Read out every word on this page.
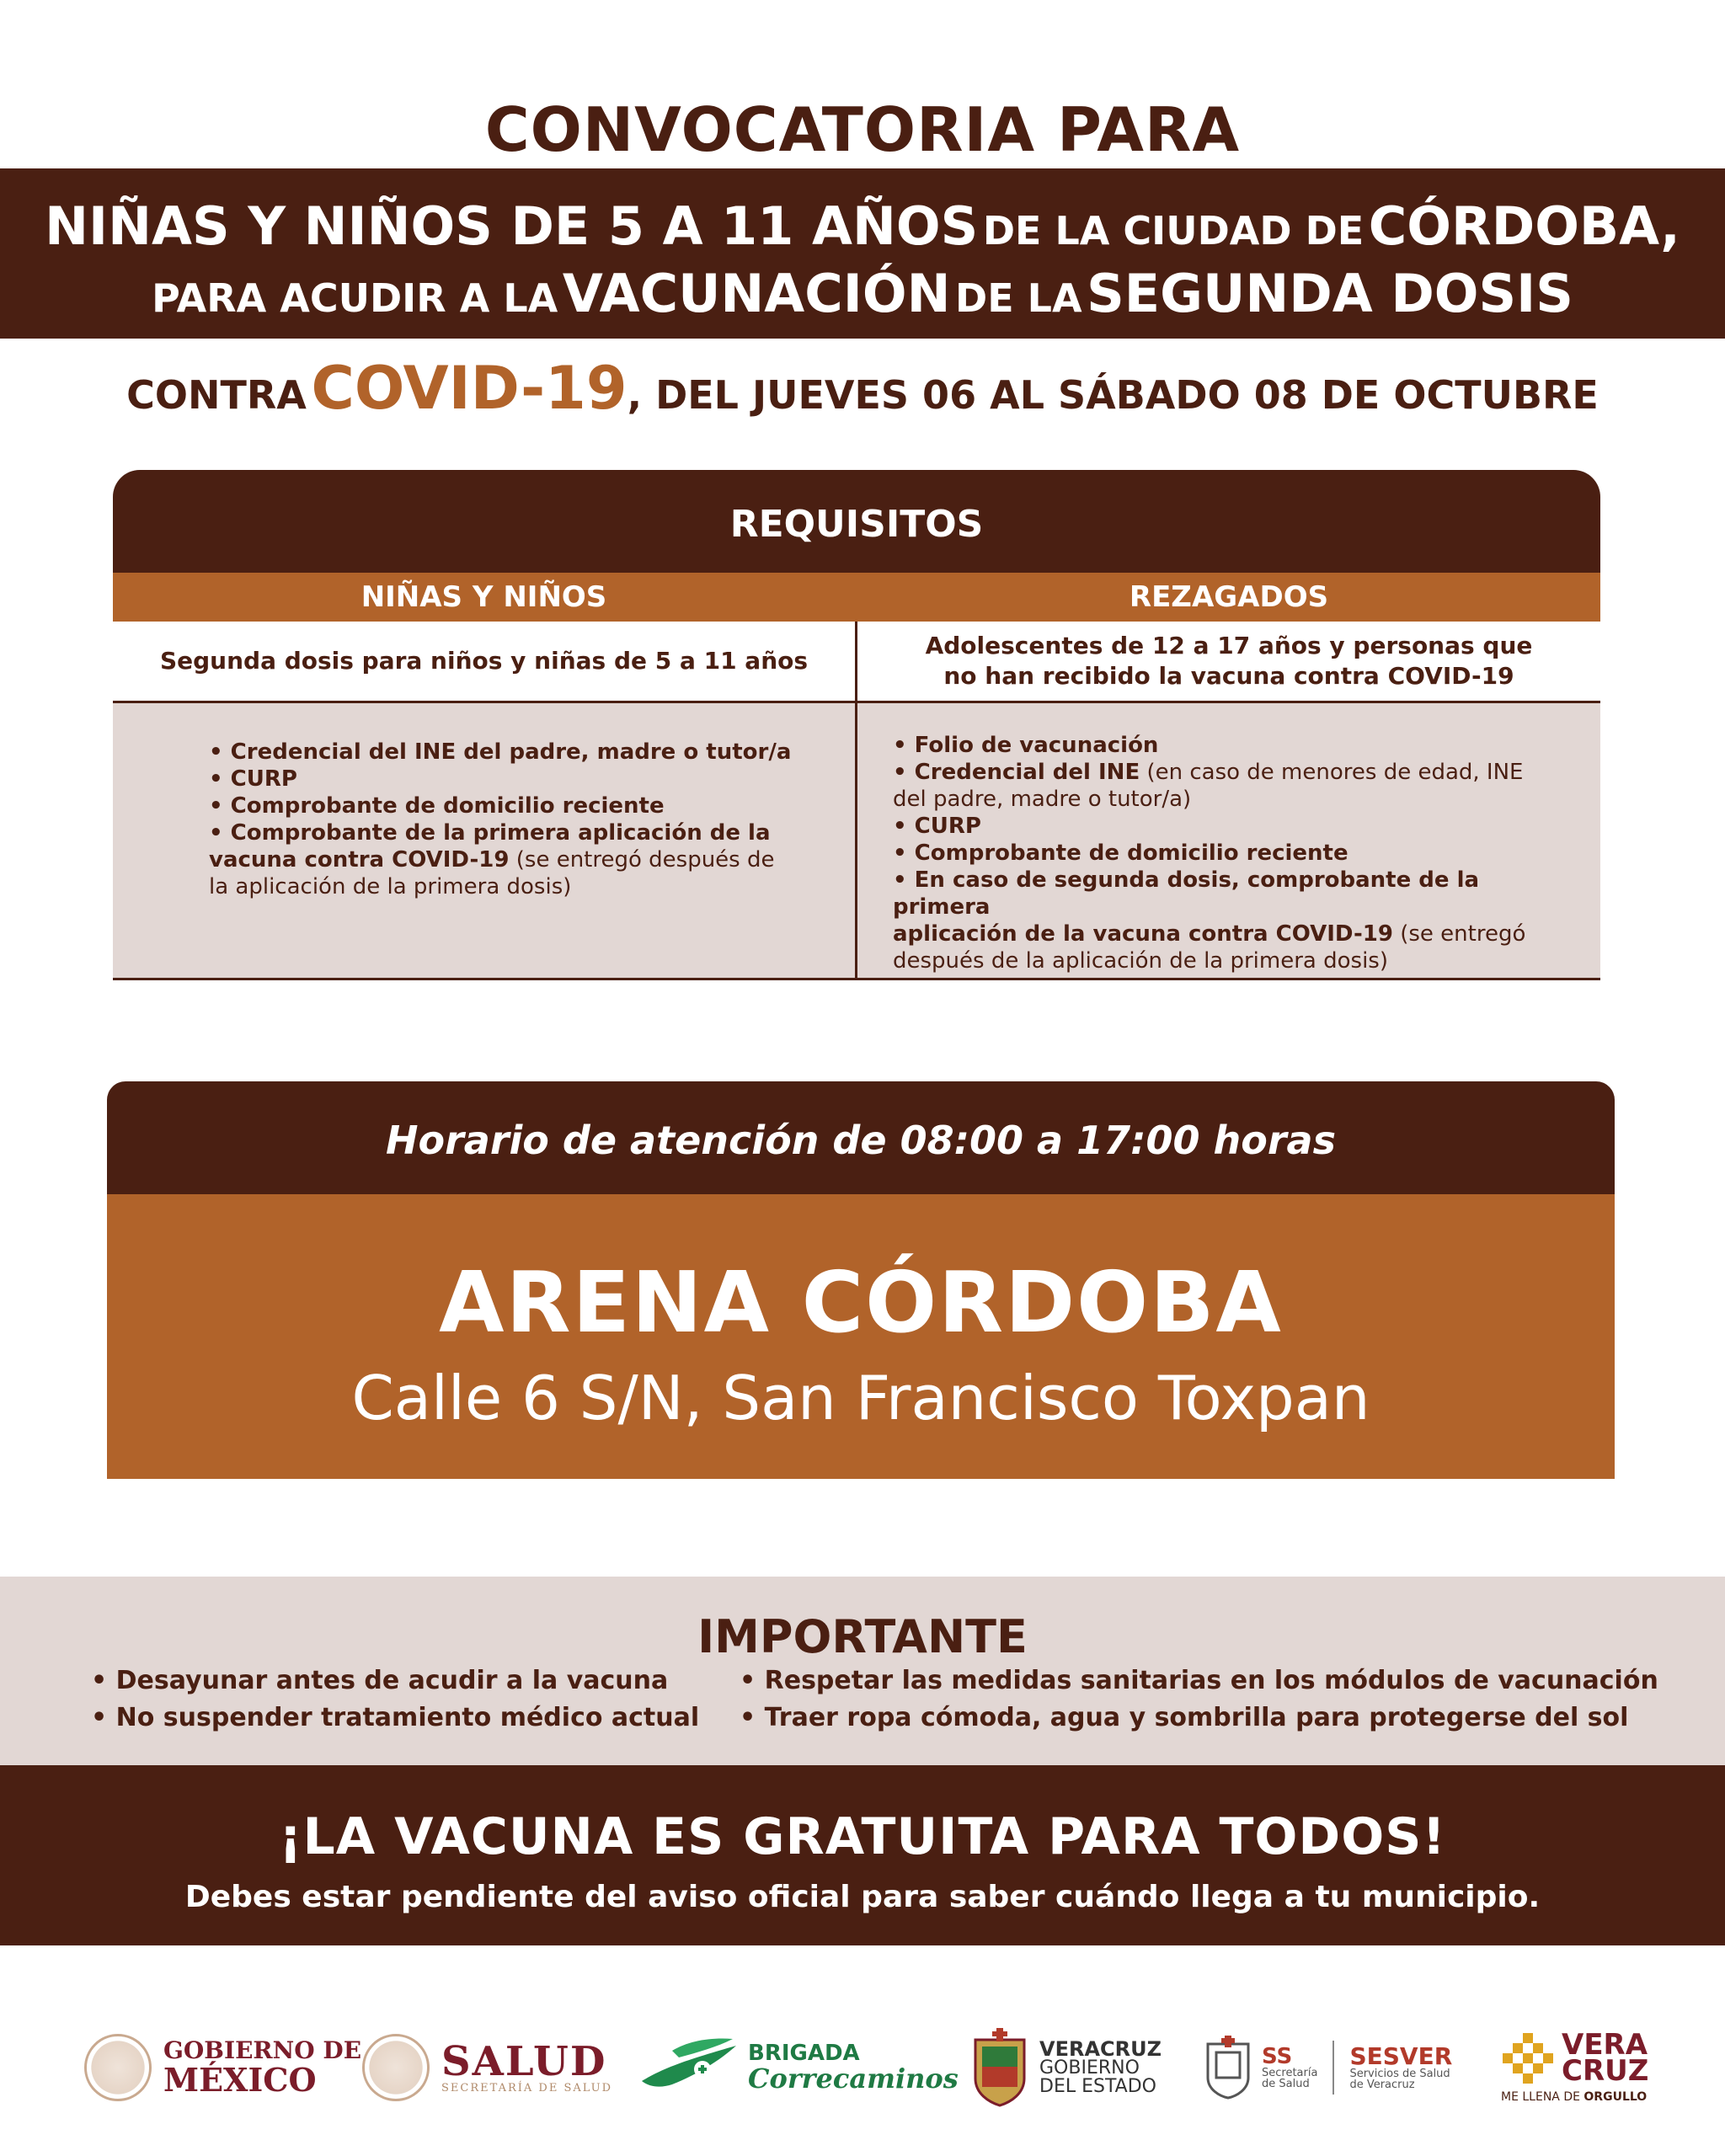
CONVOCATORIA PARA
NIÑAS Y NIÑOS DE 5 A 11 AÑOS DE LA CIUDAD DE CÓRDOBA,
PARA ACUDIR A LA VACUNACIÓN DE LA SEGUNDA DOSIS
CONTRA COVID-19, DEL JUEVES 06 AL SÁBADO 08 DE OCTUBRE
REQUISITOS
NIÑAS Y NIÑOS	REZAGADOS
Segunda dosis para niños y niñas de 5 a 11 años
Adolescentes de 12 a 17 años y personas que
no han recibido la vacuna contra COVID-19
• Credencial del INE del padre, madre o tutor/a
• CURP
• Comprobante de domicilio reciente
• Comprobante de la primera aplicación de la
vacuna contra COVID-19 (se entregó después de
la aplicación de la primera dosis)
• Folio de vacunación
• Credencial del INE (en caso de menores de edad, INE
del padre, madre o tutor/a)
• CURP
• Comprobante de domicilio reciente
• En caso de segunda dosis, comprobante de la primera
aplicación de la vacuna contra COVID-19 (se entregó
después de la aplicación de la primera dosis)
Horario de atención de 08:00 a 17:00 horas
ARENA CÓRDOBA
Calle 6 S/N, San Francisco Toxpan
IMPORTANTE
• Desayunar antes de acudir a la vacuna
• No suspender tratamiento médico actual
• Respetar las medidas sanitarias en los módulos de vacunación
• Traer ropa cómoda, agua y sombrilla para protegerse del sol
¡LA VACUNA ES GRATUITA PARA TODOS!
Debes estar pendiente del aviso oficial para saber cuándo llega a tu municipio.
GOBIERNO DE
MÉXICO	SALUD
SECRETARÍA DE SALUD
BRIGADA
Correcaminos
VERACRUZ
GOBIERNO
DEL ESTADO
SS
Secretaría
de Salud
SESVER
Servicios de Salud
de Veracruz
VERA
CRUZ
ME LLENA DE ORGULLO
